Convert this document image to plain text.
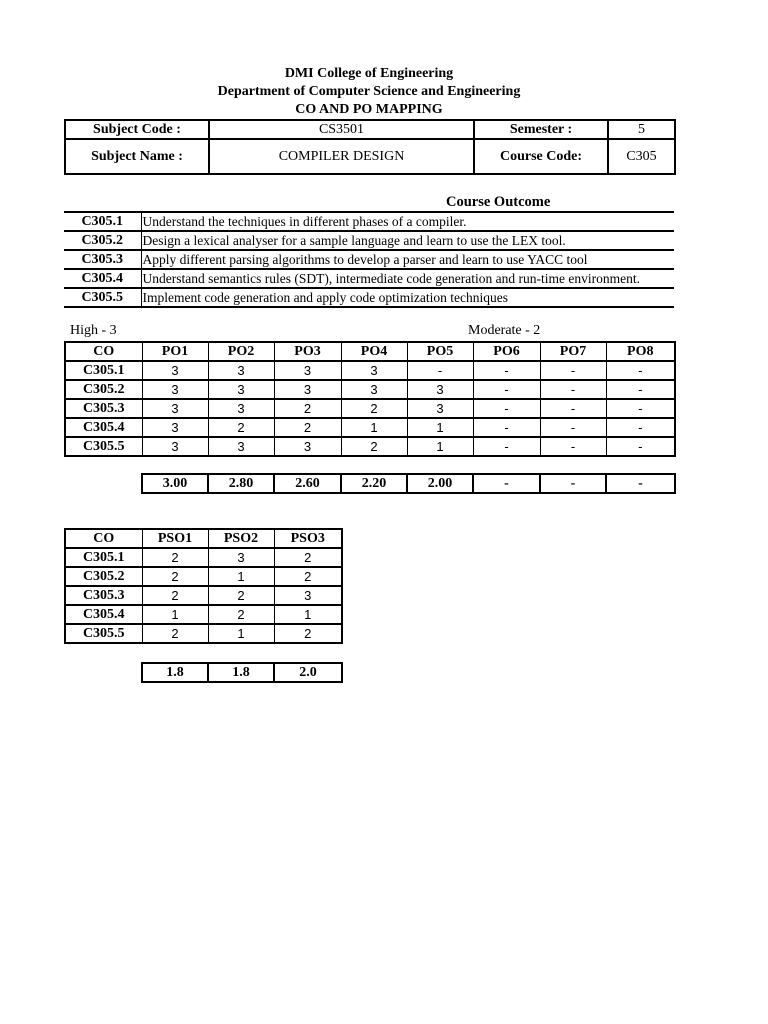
DMI College of Engineering
Department of Computer Science and Engineering
CO AND PO MAPPING
Subject Code :	CS3501	Semester :	5
Subject Name :	COMPILER DESIGN	Course Code:	C305
Course Outcome
C305.1	Understand the techniques in different phases of a compiler.
C305.2	Design a lexical analyser for a sample language and learn to use the LEX tool.
C305.3	Apply different parsing algorithms to develop a parser and learn to use YACC tool
C305.4	Understand semantics rules (SDT), intermediate code generation and run-time environment.
C305.5	Implement code generation and apply code optimization techniques
High - 3	Moderate - 2
CO	PO1	PO2	PO3	PO4	PO5	PO6	PO7	PO8
C305.1	3	3	3	3	-	-	-	-
C305.2	3	3	3	3	3	-	-	-
C305.3	3	3	2	2	3	-	-	-
C305.4	3	2	2	1	1	-	-	-
C305.5	3	3	3	2	1	-	-	-
3.00	2.80	2.60	2.20	2.00	-	-	-
CO	PSO1	PSO2	PSO3
C305.1	2	3	2
C305.2	2	1	2
C305.3	2	2	3
C305.4	1	2	1
C305.5	2	1	2
1.8	1.8	2.0
